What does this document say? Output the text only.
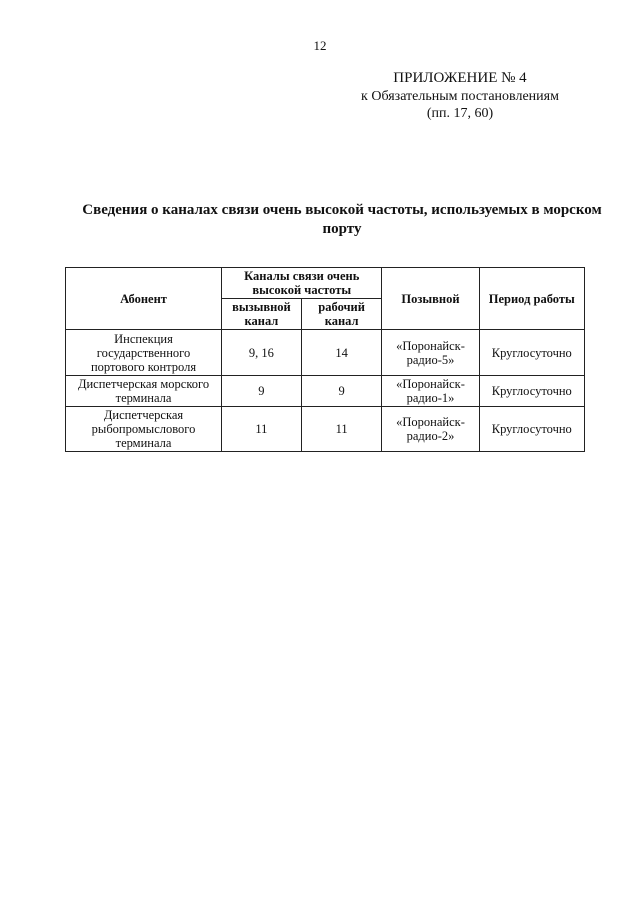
12
ПРИЛОЖЕНИЕ № 4
к Обязательным постановлениям
(пп. 17, 60)
Сведения о каналах связи очень высокой частоты, используемых в морском
порту
Абонент	Каналы связи очень высокой частоты		Позывной	Период работы
	вызывной канал	рабочий канал		
Инспекция государственного портового контроля	9, 16	14	«Поронайск-радио-5»	Круглосуточно
Диспетчерская морского терминала	9	9	«Поронайск-радио-1»	Круглосуточно
Диспетчерская рыбопромыслового терминала	11	11	«Поронайск-радио-2»	Круглосуточно
